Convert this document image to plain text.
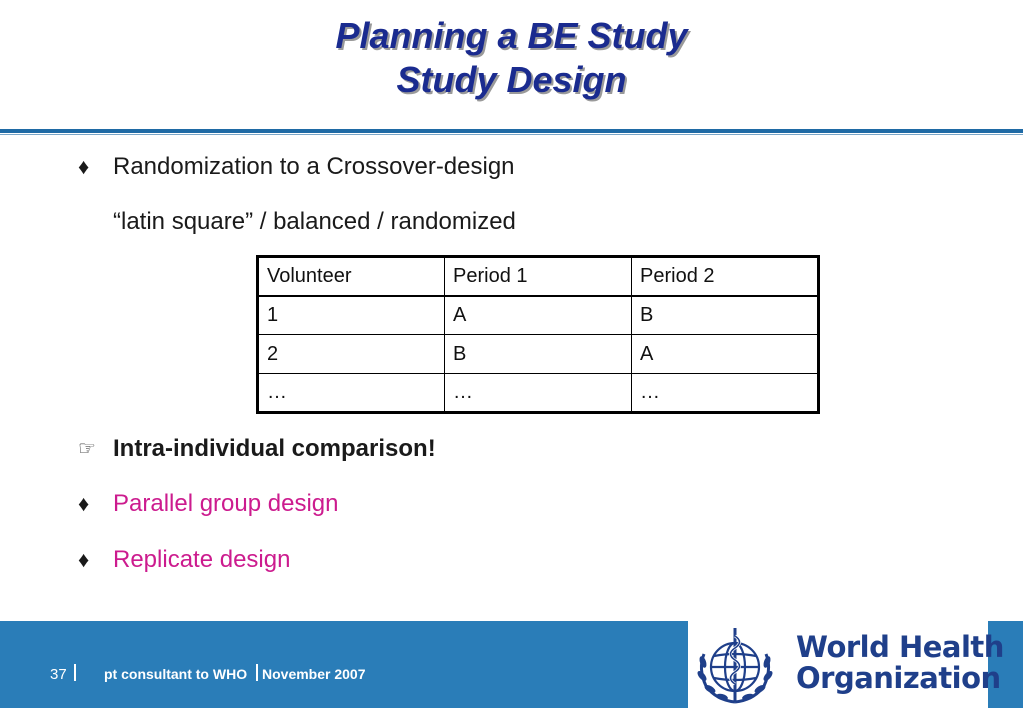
Planning a BE Study
Study Design
♦ Randomization to a Crossover-design
“latin square” / balanced / randomized
Volunteer	Period 1	Period 2
1	A	B
2	B	A
…	…	…
☞ Intra-individual comparison!
♦ Parallel group design
♦ Replicate design
37	pt consultant to WHO November 2007
World Health
Organization
